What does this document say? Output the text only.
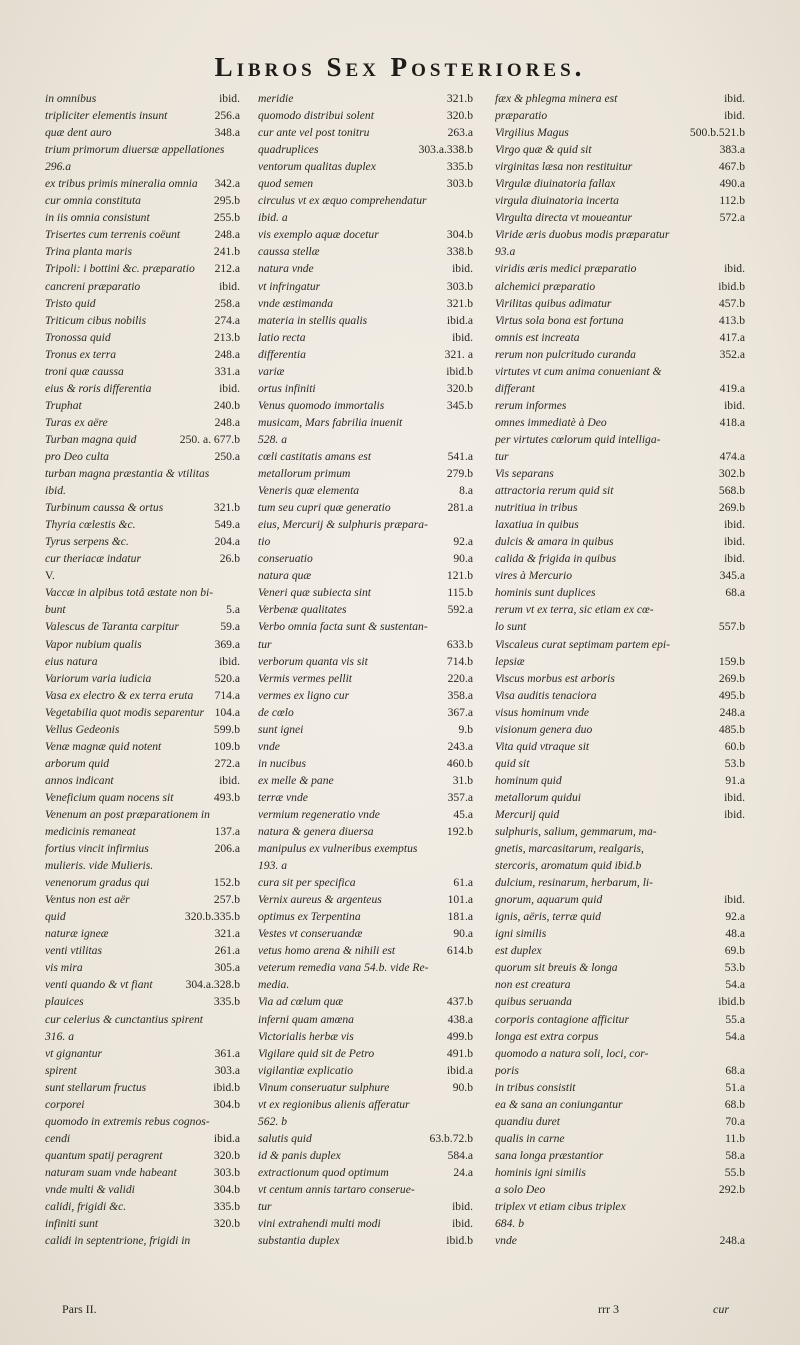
Libros Sex Posteriores.
in omnibus	ibid.
tripliciter elementis insunt	256.a
quæ dent auro	348.a
trium primorum diuersæ appellationes
296.a
ex tribus primis mineralia omnia	342.a
cur omnia constituta	295.b
in iis omnia consistunt	255.b
Trisertes cum terrenis coëunt	248.a
Trina planta maris	241.b
Tripoli: i bottini &c. præparatio	212.a
cancreni præparatio	ibid.
Tristo quid	258.a
Triticum cibus nobilis	274.a
Tronossa quid	213.b
Tronus ex terra	248.a
troni quæ caussa	331.a
eius & roris differentia	ibid.
Truphat	240.b
Turas ex aëre	248.a
Turban magna quid	250. a. 677.b
pro Deo culta	250.a
turban magna præstantia & vtilitas
ibid.
Turbinum caussa & ortus	321.b
Thyria cœlestis &c.	549.a
Tyrus serpens &c.	204.a
cur theriacæ indatur	26.b
V.
Vaccæ in alpibus totâ æstate non bi-
bunt	5.a
Valescus de Taranta carpitur	59.a
Vapor nubium qualis	369.a
eius natura	ibid.
Variorum varia iudicia	520.a
Vasa ex electro & ex terra eruta	714.a
Vegetabilia quot modis separentur 104.a
Vellus Gedeonis	599.b
Venæ magnæ quid notent	109.b
arborum quid	272.a
annos indicant	ibid.
Veneficium quam nocens sit	493.b
Venenum an post præparationem in
medicinis remaneat	137.a
fortius vincit infirmius	206.a
mulieris. vide Mulieris.
venenorum gradus qui	152.b
Ventus non est aër	257.b
quid	320.b.335.b
naturæ igneæ	321.a
venti vtilitas	261.a
vis mira	305.a
venti quando & vt fiant	304.a.328.b
plauices	335.b
cur celerius & cunctantius spirent
316. a
vt gignantur	361.a
spirent	303.a
sunt stellarum fructus	ibid.b
corporei	304.b
quomodo in extremis rebus cognos-
cendi	ibid.a
quantum spatij peragrent	320.b
naturam suam vnde habeant	303.b
vnde multi & validi	304.b
calidi, frigidi &c.	335.b
infiniti sunt	320.b
calidi in septentrione, frigidi in
meridie	321.b
quomodo distribui solent	320.b
cur ante vel post tonitru	263.a
quadruplices	303.a.338.b
ventorum qualitas duplex	335.b
quod semen	303.b
circulus vt ex æquo comprehendatur
ibid. a
vis exemplo aquæ docetur	304.b
caussa stellæ	338.b
natura vnde	ibid.
vt infringatur	303.b
vnde æstimanda	321.b
materia in stellis qualis	ibid.a
latio recta	ibid.
differentia	321. a
variæ	ibid.b
ortus infiniti	320.b
Venus quomodo immortalis	345.b
musicam, Mars fabrilia inuenit
528. a
cœli castitatis amans est	541.a
metallorum primum	279.b
Veneris quæ elementa	8.a
tum seu cupri quæ generatio	281.a
eius, Mercurij & sulphuris præpara-
tio	92.a
conseruatio	90.a
natura quæ	121.b
Veneri quæ subiecta sint	115.b
Verbenæ qualitates	592.a
Verbo omnia facta sunt & sustentan-
tur	633.b
verborum quanta vis sit	714.b
Vermis vermes pellit	220.a
vermes ex ligno cur	358.a
de cœlo	367.a
sunt ignei	9.b
vnde	243.a
in nucibus	460.b
ex melle & pane	31.b
terræ vnde	357.a
vermium regeneratio vnde	45.a
natura & genera diuersa	192.b
manipulus ex vulneribus exemptus
193. a
cura sit per specifica	61.a
Vernix aureus & argenteus	101.a
optimus ex Terpentina	181.a
Vestes vt conseruandæ	90.a
vetus homo arena & nihili est	614.b
veterum remedia vana 54.b. vide Re-
media.
Via ad cœlum quæ	437.b
inferni quam amœna	438.a
Victorialis herbæ vis	499.b
Vigilare quid sit de Petro	491.b
vigilantiæ explicatio	ibid.a
Vinum conseruatur sulphure	90.b
vt ex regionibus alienis afferatur
562. b
salutis quid	63.b.72.b
id & panis duplex	584.a
extractionum quod optimum	24.a
vt centum annis tartaro conserue-
tur	ibid.
vini extrahendi multi modi	ibid.
substantia duplex	ibid.b
fæx & phlegma minera est	ibid.
præparatio	ibid.
Virgilius Magus	500.b.521.b
Virgo quæ & quid sit	383.a
virginitas læsa non restituitur	467.b
Virgulæ diuinatoria fallax	490.a
virgula diuinatoria incerta	112.b
Virgulta directa vt moueantur	572.a
Viride æris duobus modis præparatur
93.a
viridis æris medici præparatio	ibid.
alchemici præparatio	ibid.b
Virilitas quibus adimatur	457.b
Virtus sola bona est fortuna	413.b
omnis est increata	417.a
rerum non pulcritudo curanda	352.a
virtutes vt cum anima conueniant &
differant	419.a
rerum informes	ibid.
omnes immediatè à Deo	418.a
per virtutes cœlorum quid intelliga-
tur	474.a
Vis separans	302.b
attractoria rerum quid sit	568.b
nutritiua in tribus	269.b
laxatiua in quibus	ibid.
dulcis & amara in quibus	ibid.
calida & frigida in quibus	ibid.
vires à Mercurio	345.a
hominis sunt duplices	68.a
rerum vt ex terra, sic etiam ex cœ-
lo sunt	557.b
Viscaleus curat septimam partem epi-
lepsiæ	159.b
Viscus morbus est arboris	269.b
Visa auditis tenaciora	495.b
visus hominum vnde	248.a
visionum genera duo	485.b
Vita quid vtraque sit	60.b
quid sit	53.b
hominum quid	91.a
metallorum quidui	ibid.
Mercurij quid	ibid.
sulphuris, salium, gemmarum, ma-
gnetis, marcasitarum, realgaris,
stercoris, aromatum quid ibid.b
dulcium, resinarum, herbarum, li-
gnorum, aquarum quid	ibid.
ignis, aëris, terræ quid	92.a
igni similis	48.a
est duplex	69.b
quorum sit breuis & longa	53.b
non est creatura	54.a
quibus seruanda	ibid.b
corporis contagione afficitur	55.a
longa est extra corpus	54.a
quomodo a natura soli, loci, cor-
poris	68.a
in tribus consistit	51.a
ea & sana an coniungantur	68.b
quandiu duret	70.a
qualis in carne	11.b
sana longa præstantior	58.a
hominis igni similis	55.b
a solo Deo	292.b
triplex vt etiam cibus triplex
684. b
vnde	248.a
Pars II.	rrr 3	cur
